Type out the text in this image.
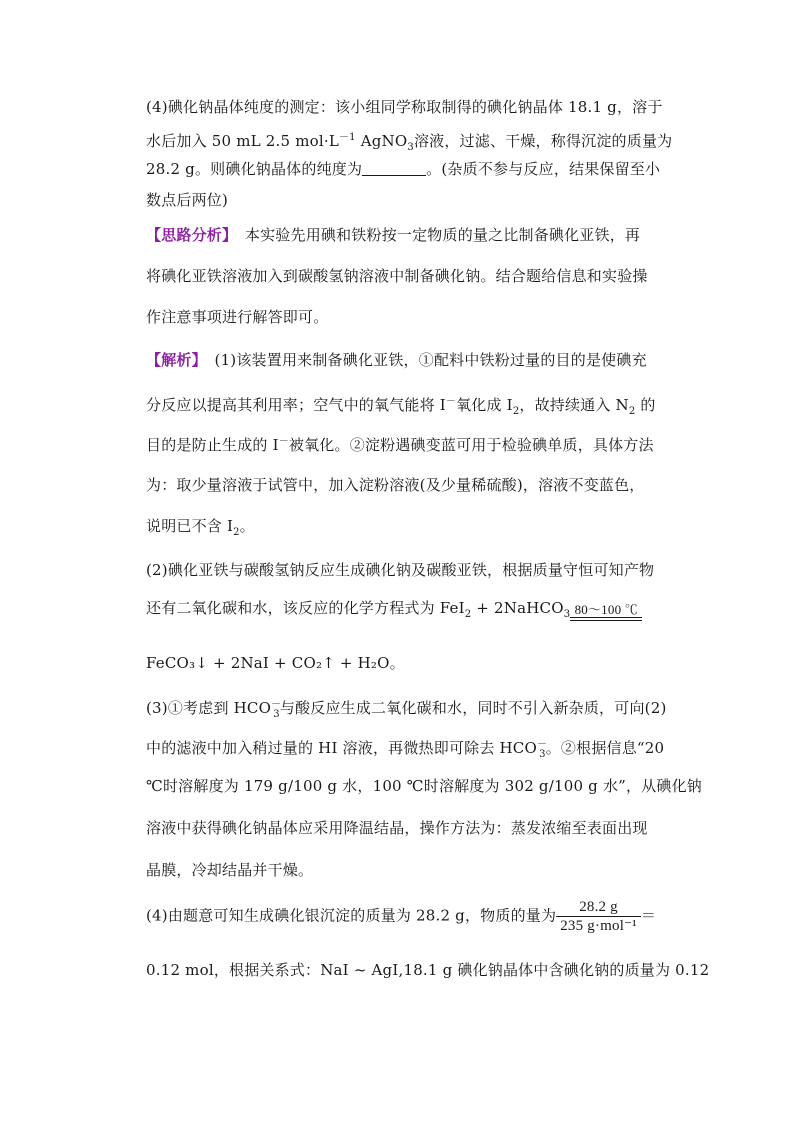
(4)碘化钠晶体纯度的测定：该小组同学称取制得的碘化钠晶体 18.1 g，溶于
水后加入 50 mL 2.5 $mol\cdot L^{-1}$ AgNO$_3$溶液，过滤、干燥，称得沉淀的质量为
28.2 g。则碘化钠晶体的纯度为	。(杂质不参与反应，结果保留至小
数点后两位)
【思路分析】　本实验先用碘和铁粉按一定物质的量之比制备碘化亚铁，再
将碘化亚铁溶液加入到碳酸氢钠溶液中制备碘化钠。结合题给信息和实验操
作注意事项进行解答即可。
【解析】　(1)该装置用来制备碘化亚铁，①配料中铁粉过量的目的是使碘充
分反应以提高其利用率；空气中的氧气能将 I－氧化成 $I_2$，故持续通入 $N_2$ 的
目的是防止生成的 I－被氧化。②淀粉遇碘变蓝可用于检验碘单质，具体方法
为：取少量溶液于试管中，加入淀粉溶液(及少量稀硫酸)，溶液不变蓝色，
说明已不含 $I_2$。
(2)碘化亚铁与碳酸氢钠反应生成碘化钠及碳酸亚铁，根据质量守恒可知产物
还有二氧化碳和水，该反应的化学方程式为 FeI$_2$ + 2NaHCO$_3$ 80～100 ℃
FeCO₃↓ + 2NaI + CO₂↑ + H₂O。
(3)①考虑到 $HCO^-_3$与酸反应生成二氧化碳和水，同时不引入新杂质，可向(2)
中的滤液中加入稍过量的 HI 溶液，再微热即可除去 $HCO^-_3$。②根据信息“20
℃时溶解度为 179 g/100 g 水，100 ℃时溶解度为 302 g/100 g 水”，从碘化钠
溶液中获得碘化钠晶体应采用降温结晶，操作方法为：蒸发浓缩至表面出现
晶膜，冷却结晶并干燥。
(4)由题意可知生成碘化银沉淀的质量为 28.2 g，物质的量为 $\frac{28.2 g}{\text{235 g·mol⁻¹}}$ ＝
0.12 mol，根据关系式：NaI ~ AgI,18.1 g 碘化钠晶体中含碘化钠的质量为 0.12
